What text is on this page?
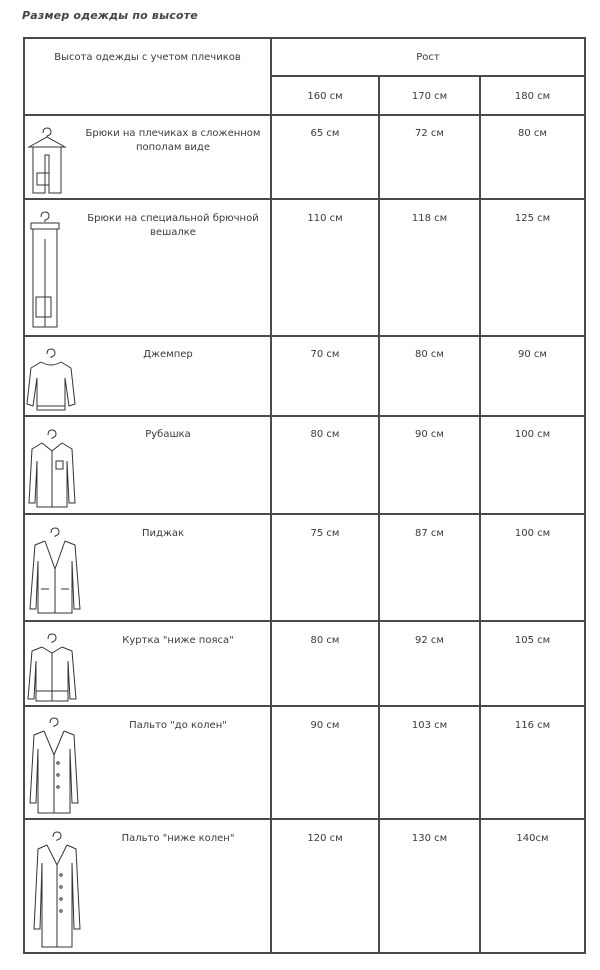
Размер одежды по высоте
Высота одежды с учетом плечиков	Рост
160 см	170 см	180 см
Брюки на плечиках в сложенном
пополам виде
65 см	72 см	80 см
Брюки на специальной брючной
вешалке
110 см	118 см	125 см
Джемпер	70 см	80 см	90 см
Рубашка	80 см	90 см	100 см
Пиджак	75 см	87 см	100 см
Куртка "ниже пояса"	80 см	92 см	105 см
Пальто "до колен"	90 см	103 см	116 см
Пальто "ниже колен"	120 см	130 см	140см
